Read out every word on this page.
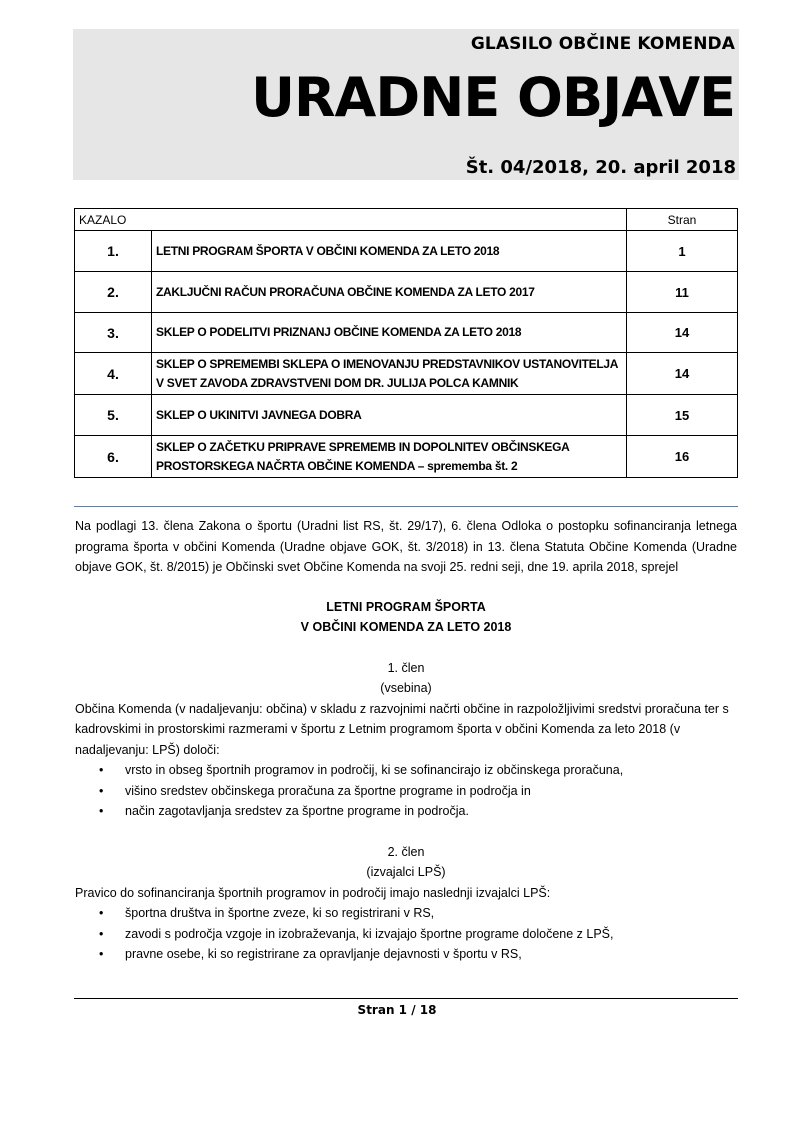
GLASILO OBČINE KOMENDA
URADNE OBJAVE
Št. 04/2018, 20. april 2018
KAZALO		Stran
1.	LETNI PROGRAM ŠPORTA V OBČINI KOMENDA ZA LETO 2018	1
2.	ZAKLJUČNI RAČUN PRORAČUNA OBČINE KOMENDA ZA LETO 2017	11
3.	SKLEP O PODELITVI PRIZNANJ OBČINE KOMENDA ZA LETO 2018	14
4.	SKLEP O SPREMEMBI SKLEPA O IMENOVANJU PREDSTAVNIKOV USTANOVITELJA
V SVET ZAVODA ZDRAVSTVENI DOM DR. JULIJA POLCA KAMNIK	14
5.	SKLEP O UKINITVI JAVNEGA DOBRA	15
6.	SKLEP O ZAČETKU PRIPRAVE SPREMEMB IN DOPOLNITEV OBČINSKEGA
PROSTORSKEGA NAČRTA OBČINE KOMENDA – sprememba št. 2	16

Na podlagi 13. člena Zakona o športu (Uradni list RS, št. 29/17), 6. člena Odloka o postopku sofinanciranja letnega programa športa v občini Komenda (Uradne objave GOK, št. 3/2018) in 13. člena Statuta Občine Komenda (Uradne objave GOK, št. 8/2015) je Občinski svet Občine Komenda na svoji 25. redni seji, dne 19. aprila 2018, sprejel

LETNI PROGRAM ŠPORTA

V OBČINI KOMENDA ZA LETO 2018

1. člen

(vsebina)

Občina Komenda (v nadaljevanju: občina) v skladu z razvojnimi načrti občine in razpoložljivimi sredstvi proračuna ter s kadrovskimi in prostorskimi razmerami v športu z Letnim programom športa v občini Komenda za leto 2018 (v nadaljevanju: LPŠ) določi:

• vrsto in obseg športnih programov in področij, ki se sofinancirajo iz občinskega proračuna,
• višino sredstev občinskega proračuna za športne programe in področja in
• način zagotavljanja sredstev za športne programe in področja.

2. člen

(izvajalci LPŠ)

Pravico do sofinanciranja športnih programov in področij imajo naslednji izvajalci LPŠ:

• športna društva in športne zveze, ki so registrirani v RS,
• zavodi s področja vzgoje in izobraževanja, ki izvajajo športne programe določene z LPŠ,
• pravne osebe, ki so registrirane za opravljanje dejavnosti v športu v RS,
Stran 1 / 18
